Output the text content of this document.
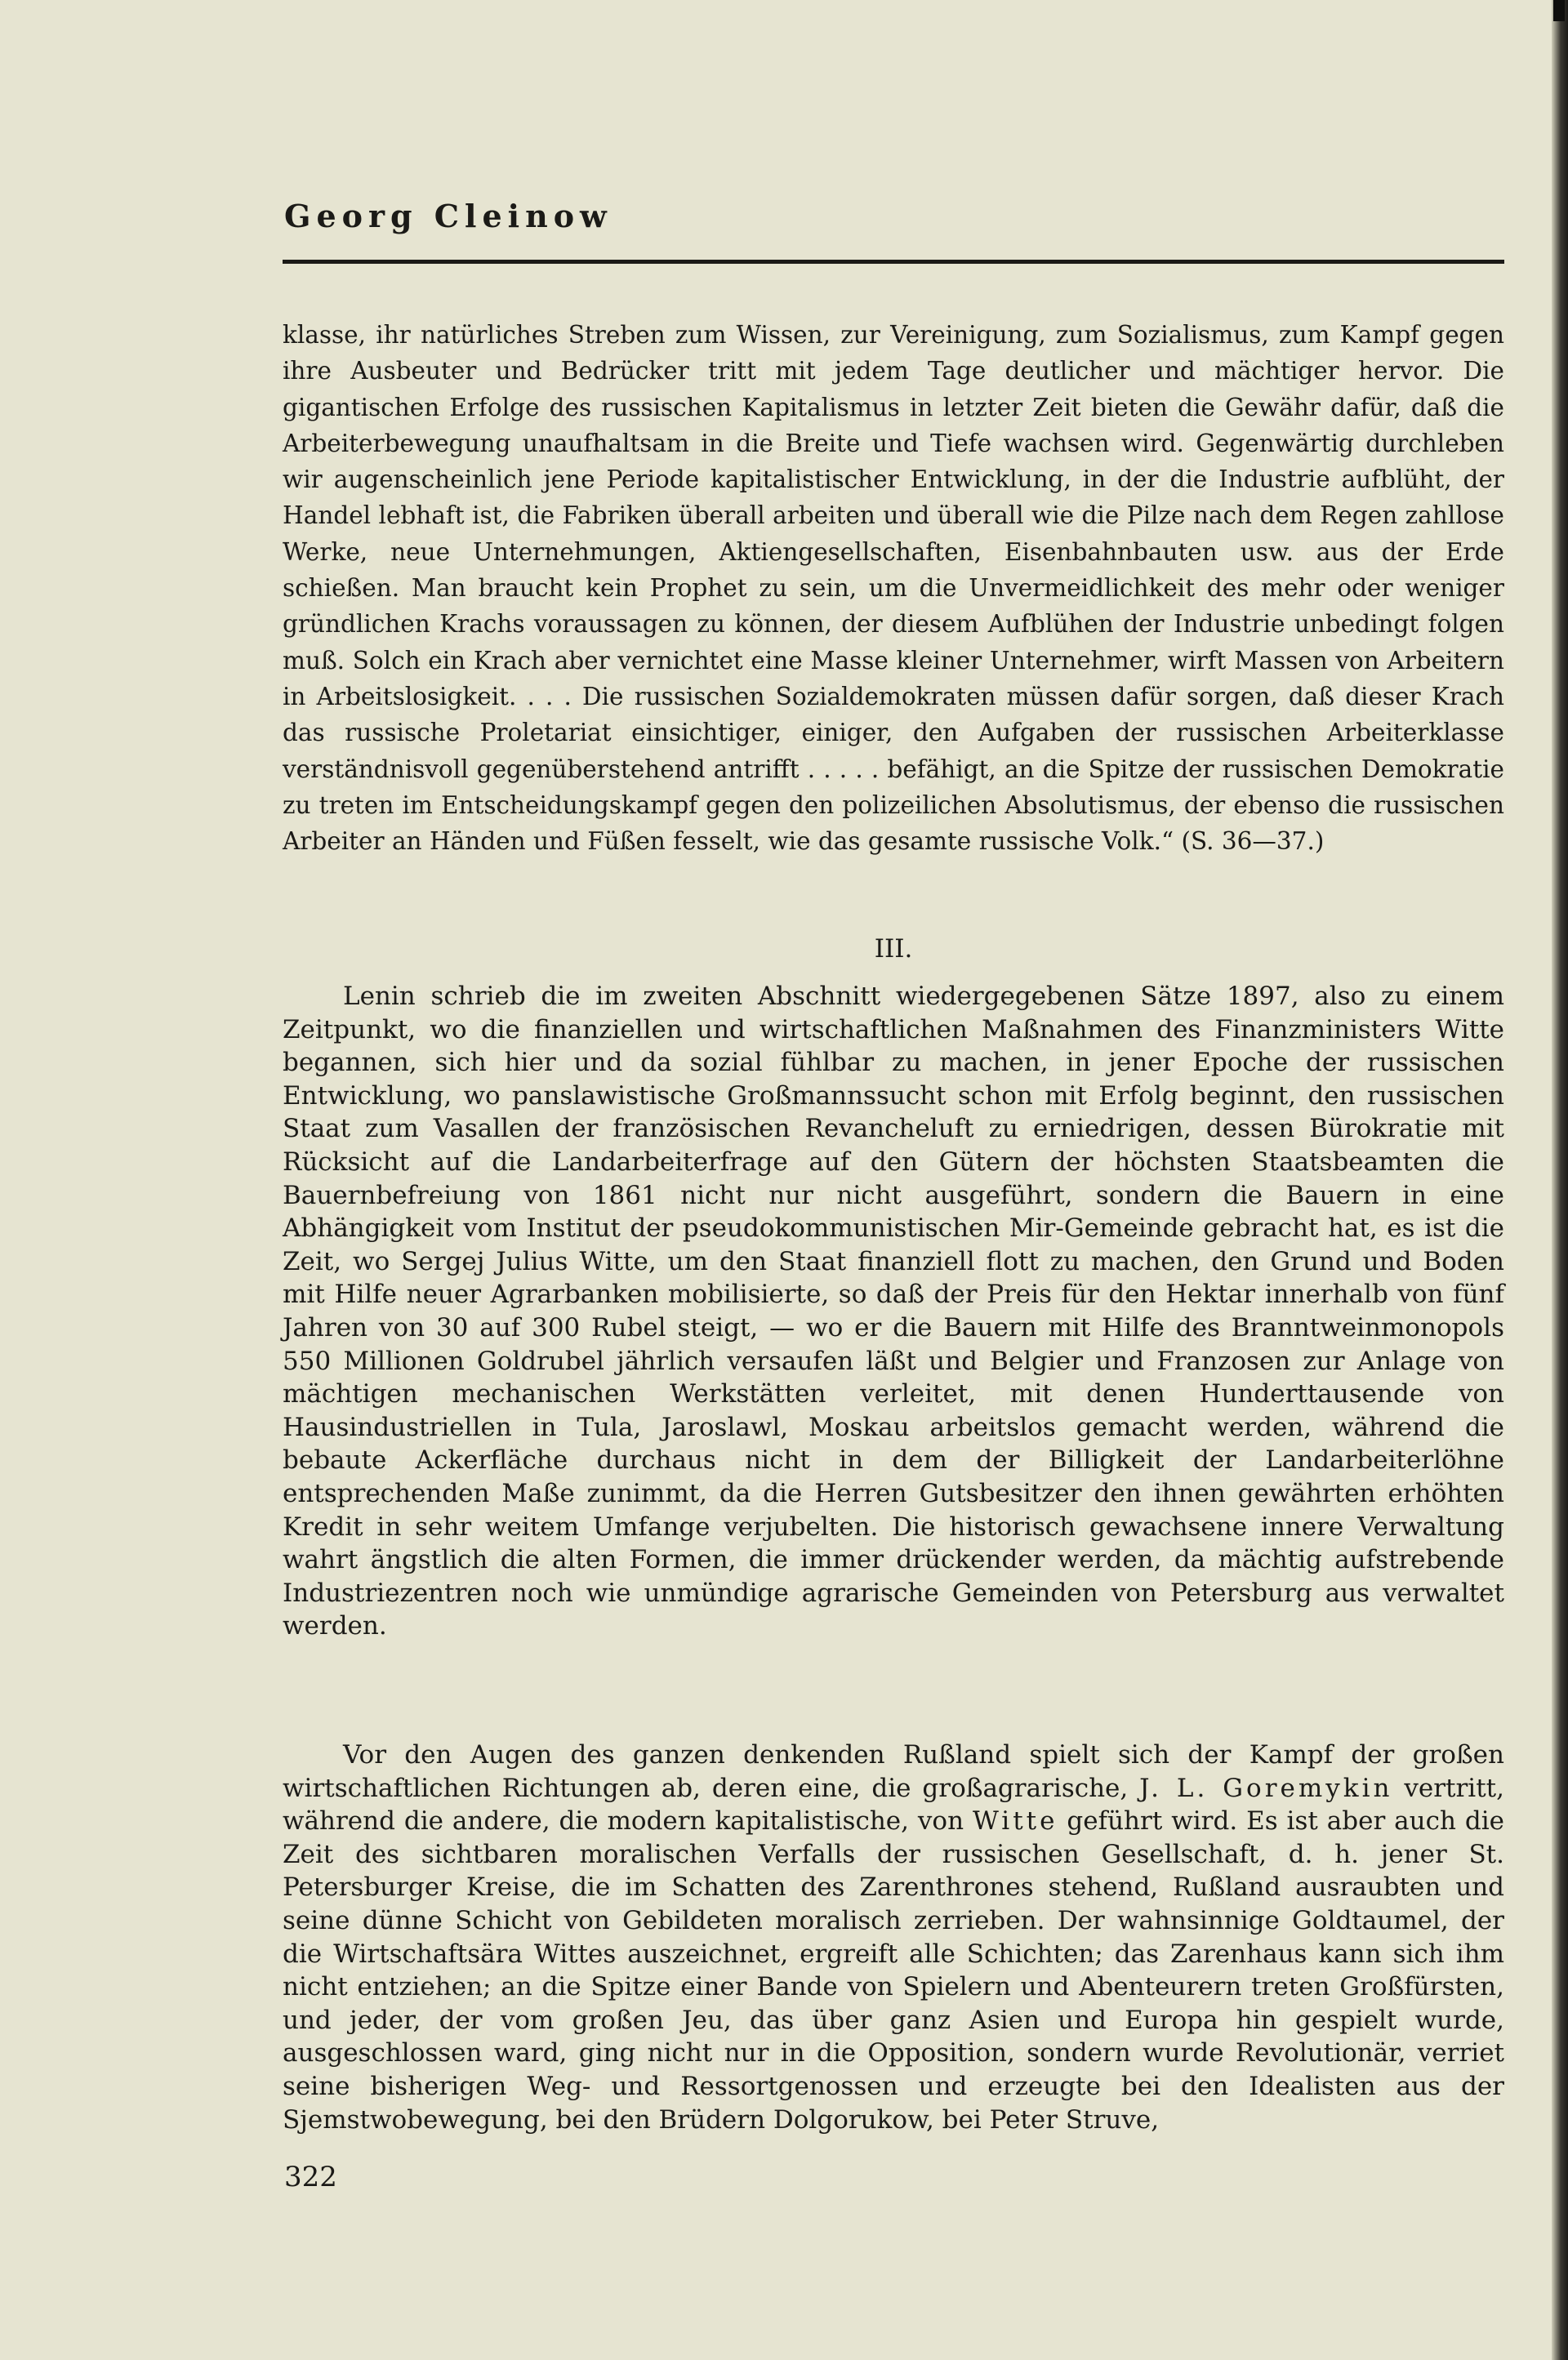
Georg Cleinow

klasse, ihr natürliches Streben zum Wissen, zur Vereinigung, zum Sozialismus, zum Kampf gegen ihre Ausbeuter und Bedrücker tritt mit jedem Tage deutlicher und mächtiger hervor. Die gigantischen Erfolge des russischen Kapitalismus in letzter Zeit bieten die Gewähr dafür, daß die Arbeiterbewegung unaufhaltsam in die Breite und Tiefe wachsen wird. Gegenwärtig durchleben wir augenscheinlich jene Periode kapitalistischer Entwicklung, in der die Industrie aufblüht, der Handel lebhaft ist, die Fabriken überall arbeiten und überall wie die Pilze nach dem Regen zahllose Werke, neue Unternehmungen, Aktiengesellschaften, Eisenbahnbauten usw. aus der Erde schießen. Man braucht kein Prophet zu sein, um die Unvermeidlichkeit des mehr oder weniger gründlichen Krachs voraussagen zu können, der diesem Aufblühen der Industrie unbedingt folgen muß. Solch ein Krach aber vernichtet eine Masse kleiner Unternehmer, wirft Massen von Arbeitern in Arbeitslosigkeit. . . . Die russischen Sozialdemokraten müssen dafür sorgen, daß dieser Krach das russische Proletariat einsichtiger, einiger, den Aufgaben der russischen Arbeiterklasse verständnisvoll gegenüberstehend antrifft . . . . . befähigt, an die Spitze der russischen Demokratie zu treten im Entscheidungskampf gegen den polizeilichen Absolutismus, der ebenso die russischen Arbeiter an Händen und Füßen fesselt, wie das gesamte russische Volk.“ (S. 36—37.)

III.

Lenin schrieb die im zweiten Abschnitt wiedergegebenen Sätze 1897, also zu einem Zeitpunkt, wo die finanziellen und wirtschaftlichen Maßnahmen des Finanzministers Witte begannen, sich hier und da sozial fühlbar zu machen, in jener Epoche der russischen Entwicklung, wo panslawistische Großmannssucht schon mit Erfolg beginnt, den russischen Staat zum Vasallen der französischen Revancheluft zu erniedrigen, dessen Bürokratie mit Rücksicht auf die Landarbeiterfrage auf den Gütern der höchsten Staatsbeamten die Bauernbefreiung von 1861 nicht nur nicht ausgeführt, sondern die Bauern in eine Abhängigkeit vom Institut der pseudokommunistischen Mir-Gemeinde gebracht hat, es ist die Zeit, wo Sergej Julius Witte, um den Staat finanziell flott zu machen, den Grund und Boden mit Hilfe neuer Agrarbanken mobilisierte, so daß der Preis für den Hektar innerhalb von fünf Jahren von 30 auf 300 Rubel steigt, — wo er die Bauern mit Hilfe des Branntweinmonopols 550 Millionen Goldrubel jährlich versaufen läßt und Belgier und Franzosen zur Anlage von mächtigen mechanischen Werkstätten verleitet, mit denen Hunderttausende von Hausindustriellen in Tula, Jaroslawl, Moskau arbeitslos gemacht werden, während die bebaute Ackerfläche durchaus nicht in dem der Billigkeit der Landarbeiterlöhne entsprechenden Maße zunimmt, da die Herren Gutsbesitzer den ihnen gewährten erhöhten Kredit in sehr weitem Umfange verjubelten. Die historisch gewachsene innere Verwaltung wahrt ängstlich die alten Formen, die immer drückender werden, da mächtig aufstrebende Industriezentren noch wie unmündige agrarische Gemeinden von Petersburg aus verwaltet werden.

Vor den Augen des ganzen denkenden Rußland spielt sich der Kampf der großen wirtschaftlichen Richtungen ab, deren eine, die großagrarische, J. L. Goremykin vertritt, während die andere, die modern kapitalistische, von Witte geführt wird. Es ist aber auch die Zeit des sichtbaren moralischen Verfalls der russischen Gesellschaft, d. h. jener St. Petersburger Kreise, die im Schatten des Zarenthrones stehend, Rußland ausraubten und seine dünne Schicht von Gebildeten moralisch zerrieben. Der wahnsinnige Goldtaumel, der die Wirtschaftsära Wittes auszeichnet, ergreift alle Schichten; das Zarenhaus kann sich ihm nicht entziehen; an die Spitze einer Bande von Spielern und Abenteurern treten Großfürsten, und jeder, der vom großen Jeu, das über ganz Asien und Europa hin gespielt wurde, ausgeschlossen ward, ging nicht nur in die Opposition, sondern wurde Revolutionär, verriet seine bisherigen Weg- und Ressortgenossen und erzeugte bei den Idealisten aus der Sjemstwobewegung, bei den Brüdern Dolgorukow, bei Peter Struve,

322
